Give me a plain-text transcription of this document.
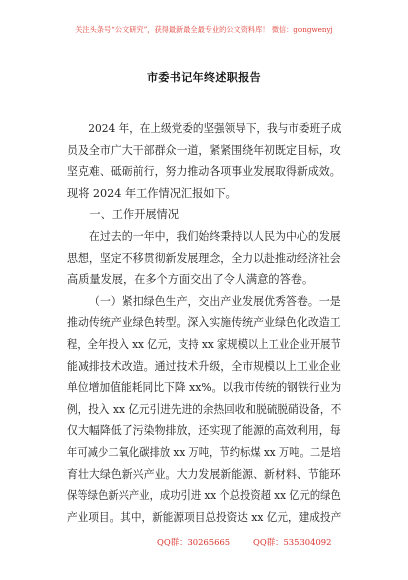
关注头条号“公文研究”，获得最新最全最专业的公文资料库！ 微信：gongwenyj
市委书记年终述职报告
2024 年，在上级党委的坚强领导下，我与市委班子成
员及全市广大干部群众一道，紧紧围绕年初既定目标，攻
坚克难、砥砺前行，努力推动各项事业发展取得新成效。
现将 2024 年工作情况汇报如下。
一、工作开展情况
在过去的一年中，我们始终秉持以人民为中心的发展
思想，坚定不移贯彻新发展理念，全力以赴推动经济社会
高质量发展，在多个方面交出了令人满意的答卷。
（一）紧扣绿色生产，交出产业发展优秀答卷。一是
推动传统产业绿色转型。深入实施传统产业绿色化改造工
程，全年投入 xx 亿元，支持 xx 家规模以上工业企业开展节
能减排技术改造。通过技术升级，全市规模以上工业企业
单位增加值能耗同比下降 xx%。以我市传统的钢铁行业为
例，投入 xx 亿元引进先进的余热回收和脱硫脱硝设备，不
仅大幅降低了污染物排放，还实现了能源的高效利用，每
年可减少二氧化碳排放 xx 万吨，节约标煤 xx 万吨。二是培
育壮大绿色新兴产业。大力发展新能源、新材料、节能环
保等绿色新兴产业，成功引进 xx 个总投资超 xx 亿元的绿色
产业项目。其中，新能源项目总投资达 xx 亿元，建成投产
QQ群：30265665	QQ群：535304092
